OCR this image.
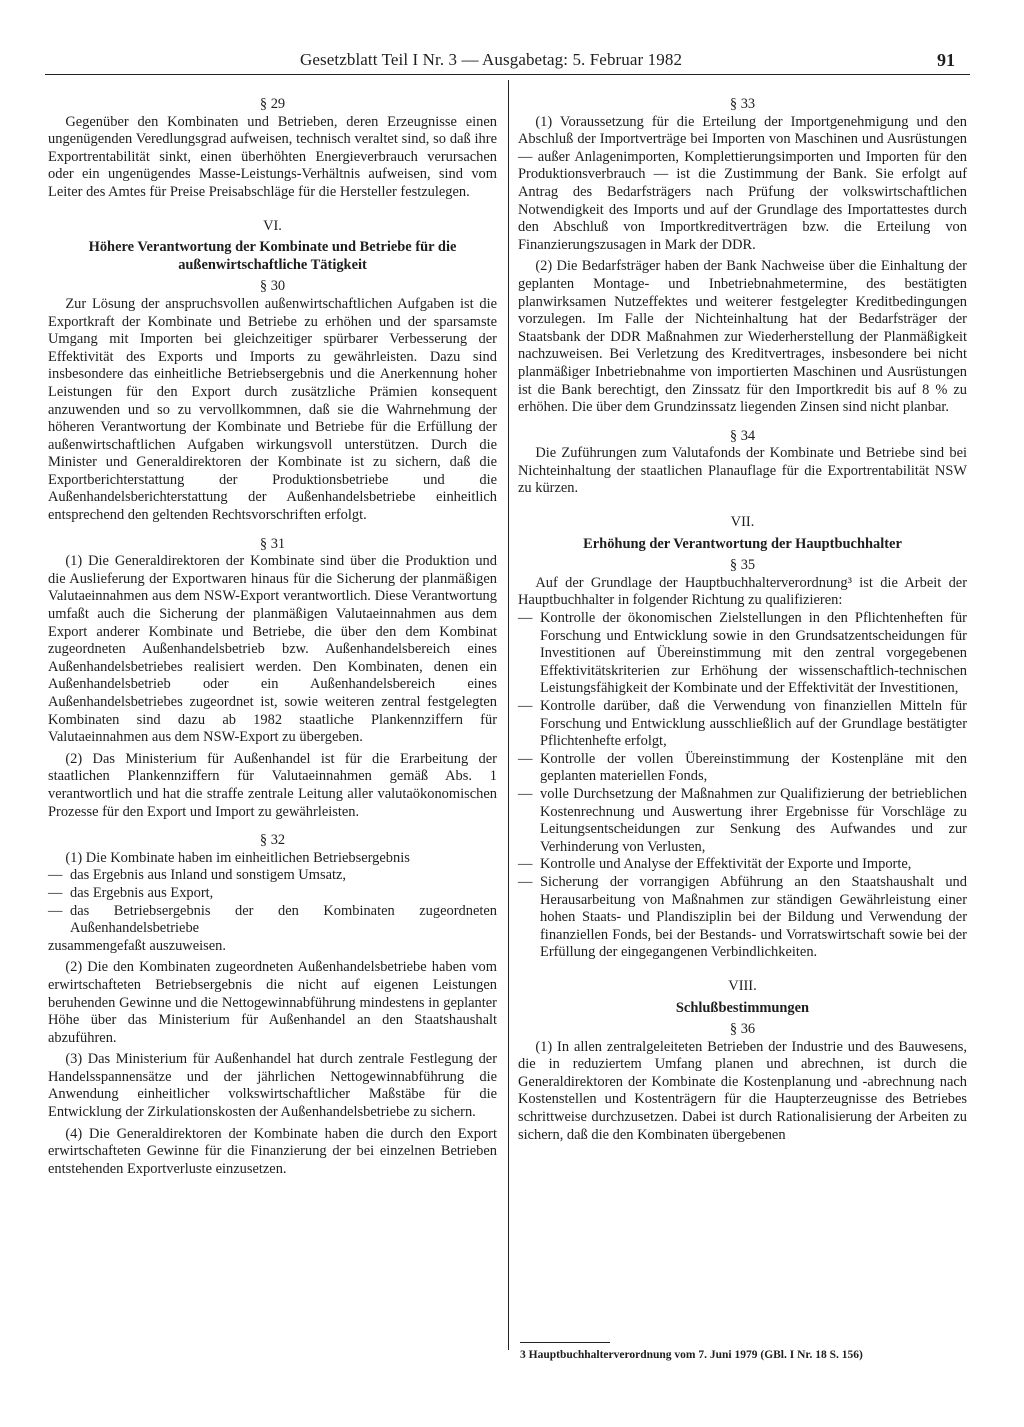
Gesetzblatt Teil I Nr. 3 — Ausgabetag: 5. Februar 1982	91

§ 29

Gegenüber den Kombinaten und Betrieben, deren Erzeugnisse einen ungenügenden Veredlungsgrad aufweisen, technisch veraltet sind, so daß ihre Exportrentabilität sinkt, einen überhöhten Energieverbrauch verursachen oder ein ungenügendes Masse-Leistungs-Verhältnis aufweisen, sind vom Leiter des Amtes für Preise Preisabschläge für die Hersteller festzulegen.

VI.

Höhere Verantwortung der Kombinate und Betriebe für die außenwirtschaftliche Tätigkeit

§ 30

Zur Lösung der anspruchsvollen außenwirtschaftlichen Aufgaben ist die Exportkraft der Kombinate und Betriebe zu erhöhen und der sparsamste Umgang mit Importen bei gleichzeitiger spürbarer Verbesserung der Effektivität des Exports und Imports zu gewährleisten. Dazu sind insbesondere das einheitliche Betriebsergebnis und die Anerkennung hoher Leistungen für den Export durch zusätzliche Prämien konsequent anzuwenden und so zu vervollkommnen, daß sie die Wahrnehmung der höheren Verantwortung der Kombinate und Betriebe für die Erfüllung der außenwirtschaftlichen Aufgaben wirkungsvoll unterstützen. Durch die Minister und Generaldirektoren der Kombinate ist zu sichern, daß die Exportberichterstattung der Produktionsbetriebe und die Außenhandelsberichterstattung der Außenhandelsbetriebe einheitlich entsprechend den geltenden Rechtsvorschriften erfolgt.

§ 31

(1) Die Generaldirektoren der Kombinate sind über die Produktion und die Auslieferung der Exportwaren hinaus für die Sicherung der planmäßigen Valutaeinnahmen aus dem NSW-Export verantwortlich. Diese Verantwortung umfaßt auch die Sicherung der planmäßigen Valutaeinnahmen aus dem Export anderer Kombinate und Betriebe, die über den dem Kombinat zugeordneten Außenhandelsbetrieb bzw. Außenhandelsbereich eines Außenhandelsbetriebes realisiert werden. Den Kombinaten, denen ein Außenhandelsbetrieb oder ein Außenhandelsbereich eines Außenhandelsbetriebes zugeordnet ist, sowie weiteren zentral festgelegten Kombinaten sind dazu ab 1982 staatliche Plankennziffern für Valutaeinnahmen aus dem NSW-Export zu übergeben.

(2) Das Ministerium für Außenhandel ist für die Erarbeitung der staatlichen Plankennziffern für Valutaeinnahmen gemäß Abs. 1 verantwortlich und hat die straffe zentrale Leitung aller valutaökonomischen Prozesse für den Export und Import zu gewährleisten.

§ 32

(1) Die Kombinate haben im einheitlichen Betriebsergebnis

— das Ergebnis aus Inland und sonstigem Umsatz,
— das Ergebnis aus Export,
— das Betriebsergebnis der den Kombinaten zugeordneten Außenhandelsbetriebe

zusammengefaßt auszuweisen.

(2) Die den Kombinaten zugeordneten Außenhandelsbetriebe haben vom erwirtschafteten Betriebsergebnis die nicht auf eigenen Leistungen beruhenden Gewinne und die Nettogewinnabführung mindestens in geplanter Höhe über das Ministerium für Außenhandel an den Staatshaushalt abzuführen.

(3) Das Ministerium für Außenhandel hat durch zentrale Festlegung der Handelsspannensätze und der jährlichen Nettogewinnabführung die Anwendung einheitlicher volkswirtschaftlicher Maßstäbe für die Entwicklung der Zirkulationskosten der Außenhandelsbetriebe zu sichern.

(4) Die Generaldirektoren der Kombinate haben die durch den Export erwirtschafteten Gewinne für die Finanzierung der bei einzelnen Betrieben entstehenden Exportverluste einzusetzen.

§ 33

(1) Voraussetzung für die Erteilung der Importgenehmigung und den Abschluß der Importverträge bei Importen von Maschinen und Ausrüstungen — außer Anlagenimporten, Komplettierungsimporten und Importen für den Produktionsverbrauch — ist die Zustimmung der Bank. Sie erfolgt auf Antrag des Bedarfsträgers nach Prüfung der volkswirtschaftlichen Notwendigkeit des Imports und auf der Grundlage des Importattestes durch den Abschluß von Importkreditverträgen bzw. die Erteilung von Finanzierungszusagen in Mark der DDR.

(2) Die Bedarfsträger haben der Bank Nachweise über die Einhaltung der geplanten Montage- und Inbetriebnahmetermine, des bestätigten planwirksamen Nutzeffektes und weiterer festgelegter Kreditbedingungen vorzulegen. Im Falle der Nichteinhaltung hat der Bedarfsträger der Staatsbank der DDR Maßnahmen zur Wiederherstellung der Planmäßigkeit nachzuweisen. Bei Verletzung des Kreditvertrages, insbesondere bei nicht planmäßiger Inbetriebnahme von importierten Maschinen und Ausrüstungen ist die Bank berechtigt, den Zinssatz für den Importkredit bis auf 8 % zu erhöhen. Die über dem Grundzinssatz liegenden Zinsen sind nicht planbar.

§ 34

Die Zuführungen zum Valutafonds der Kombinate und Betriebe sind bei Nichteinhaltung der staatlichen Planauflage für die Exportrentabilität NSW zu kürzen.

VII.

Erhöhung der Verantwortung der Hauptbuchhalter

§ 35

Auf der Grundlage der Hauptbuchhalterverordnung³ ist die Arbeit der Hauptbuchhalter in folgender Richtung zu qualifizieren:

— Kontrolle der ökonomischen Zielstellungen in den Pflichtenheften für Forschung und Entwicklung sowie in den Grundsatzentscheidungen für Investitionen auf Übereinstimmung mit den zentral vorgegebenen Effektivitätskriterien zur Erhöhung der wissenschaftlich-technischen Leistungsfähigkeit der Kombinate und der Effektivität der Investitionen,
— Kontrolle darüber, daß die Verwendung von finanziellen Mitteln für Forschung und Entwicklung ausschließlich auf der Grundlage bestätigter Pflichtenhefte erfolgt,
— Kontrolle der vollen Übereinstimmung der Kostenpläne mit den geplanten materiellen Fonds,
— volle Durchsetzung der Maßnahmen zur Qualifizierung der betrieblichen Kostenrechnung und Auswertung ihrer Ergebnisse für Vorschläge zu Leitungsentscheidungen zur Senkung des Aufwandes und zur Verhinderung von Verlusten,
— Kontrolle und Analyse der Effektivität der Exporte und Importe,
— Sicherung der vorrangigen Abführung an den Staatshaushalt und Herausarbeitung von Maßnahmen zur ständigen Gewährleistung einer hohen Staats- und Plandisziplin bei der Bildung und Verwendung der finanziellen Fonds, bei der Bestands- und Vorratswirtschaft sowie bei der Erfüllung der eingegangenen Verbindlichkeiten.

VIII.

Schlußbestimmungen

§ 36

(1) In allen zentralgeleiteten Betrieben der Industrie und des Bauwesens, die in reduziertem Umfang planen und abrechnen, ist durch die Generaldirektoren der Kombinate die Kostenplanung und -abrechnung nach Kostenstellen und Kostenträgern für die Haupterzeugnisse des Betriebes schrittweise durchzusetzen. Dabei ist durch Rationalisierung der Arbeiten zu sichern, daß die den Kombinaten übergebenen

3 Hauptbuchhalterverordnung vom 7. Juni 1979 (GBl. I Nr. 18 S. 156)
